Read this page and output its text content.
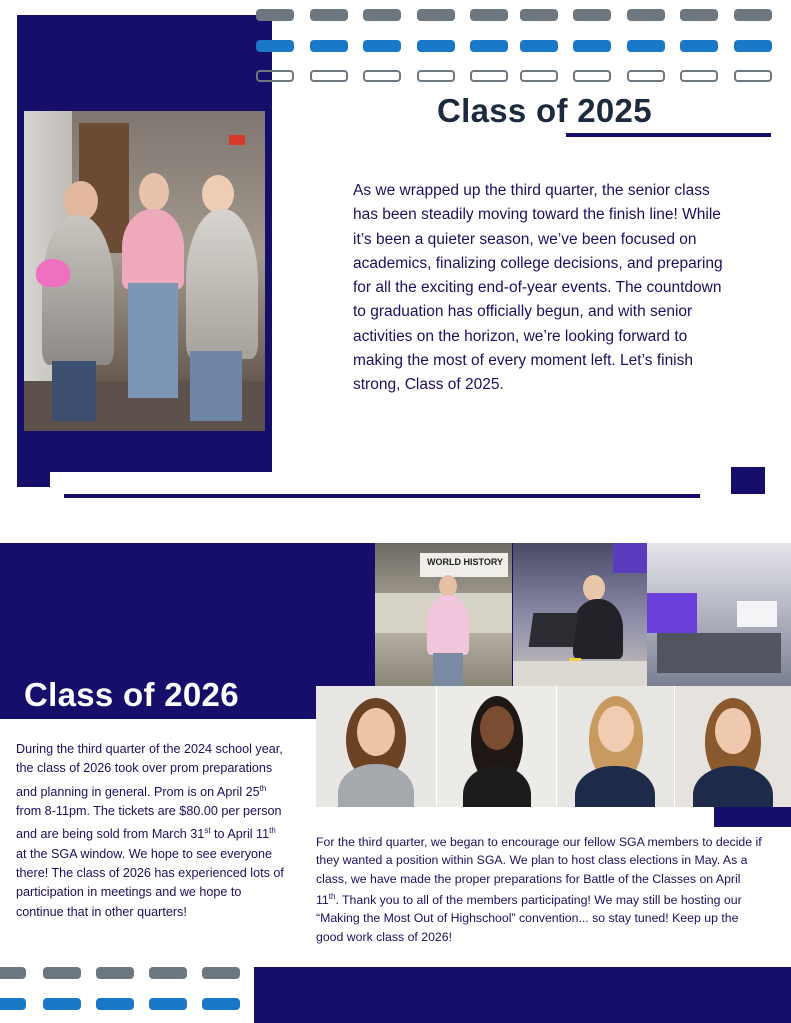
Class of 2025

As we wrapped up the third quarter, the senior class has been steadily moving toward the finish line! While it’s been a quieter season, we’ve been focused on academics, finalizing college decisions, and preparing for all the exciting end-of-year events. The countdown to graduation has officially begun, and with senior activities on the horizon, we’re looking forward to making the most of every moment left. Let’s finish strong, Class of 2025.

WORLD HISTORY
Class of 2026

During the third quarter of the 2024 school year, the class of 2026 took over prom preparations and planning in general. Prom is on April 25th from 8-11pm. The tickets are $80.00 per person and are being sold from March 31st to April 11th at the SGA window. We hope to see everyone there! The class of 2026 has experienced lots of participation in meetings and we hope to continue that in other quarters!

For the third quarter, we began to encourage our fellow SGA members to decide if they wanted a position within SGA. We plan to host class elections in May. As a class, we have made the proper preparations for Battle of the Classes on April 11th. Thank you to all of the members participating! We may still be hosting our “Making the Most Out of Highschool” convention... so stay tuned! Keep up the good work class of 2026!
